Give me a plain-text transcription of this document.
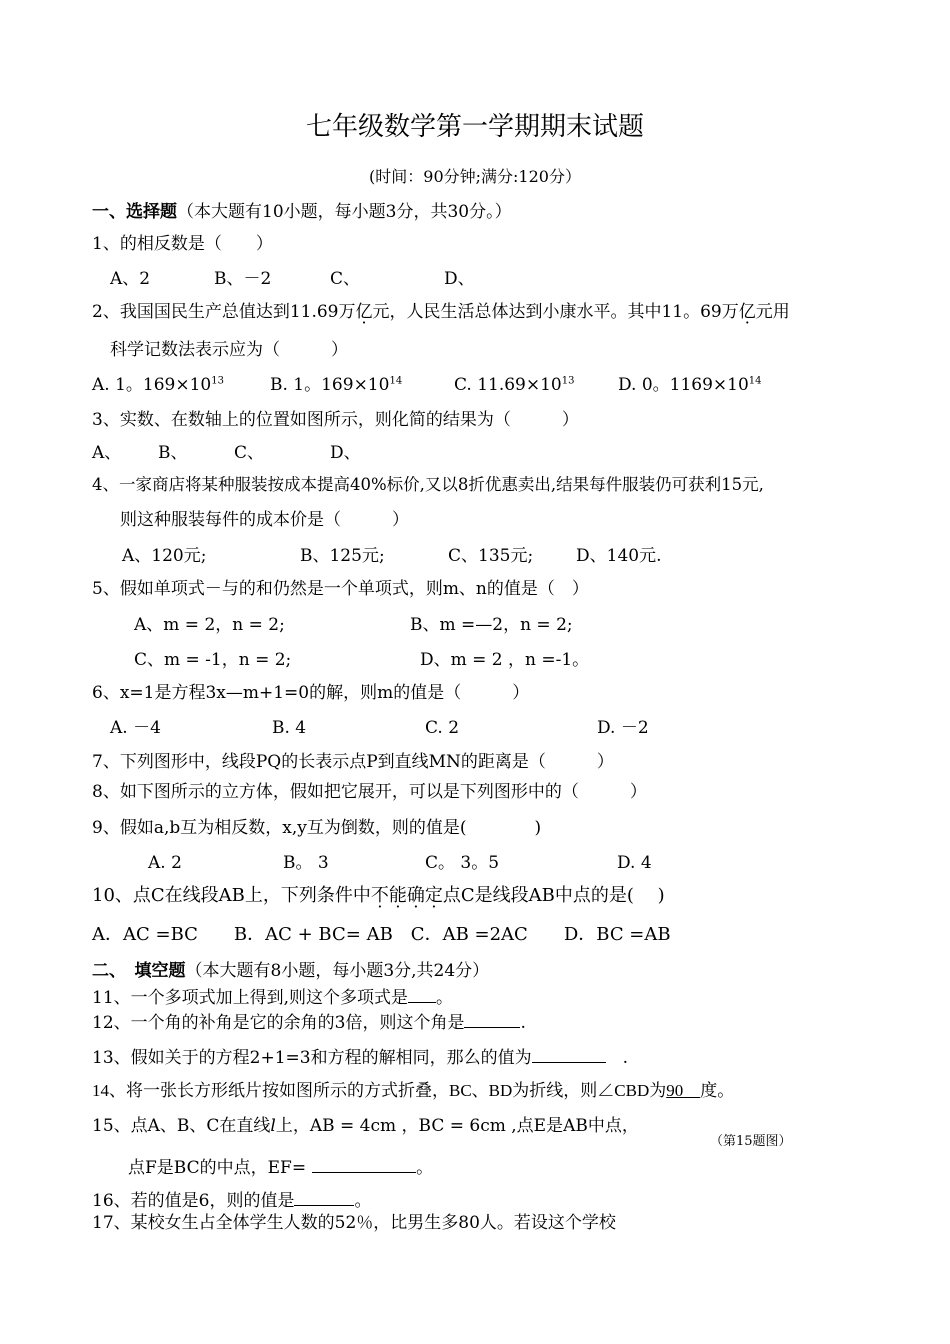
七年级数学第一学期期末试题
(时间：90分钟;满分:120分）
一、选择题（本大题有10小题，每小题3分，共30分。）
1、的相反数是（　　）
A、2	B、－2	C、	D、
2、我国国民生产总值达到11.69万亿元，人民生活总体达到小康水平。其中11。69万亿元用
科学记数法表示应为（　　　）
A. 1。$169\times 10^{13}$	B. 1。$169\times 10^{14}$	C. $11.69\times 10^{13}$	D. 0。$1169\times 10^{14}$
3、实数、在数轴上的位置如图所示，则化简的结果为（　　　）
A、 B、	C、	D、
4、一家商店将某种服装按成本提高40%标价,又以8折优惠卖出,结果每件服装仍可获利15元,
则这种服装每件的成本价是（　　　）
A、120元;	B、125元;	C、135元;	D、140元.
5、假如单项式－与的和仍然是一个单项式，则m、n的值是（　）
A、m = 2，n = 2;	B、m =—2，n = 2;
C、m = -1，n = 2;	D、m = 2 ，n =-1。
6、x=1是方程3x—m+1=0的解，则m的值是（　　　）
A. －4	B. 4	C. 2	D. －2
7、下列图形中，线段PQ的长表示点P到直线MN的距离是（　　　）
8、如下图所示的立方体，假如把它展开，可以是下列图形中的（　　　）
9、假如a,b互为相反数，x,y互为倒数，则的值是(　　　　)
A. 2	B。 3	C。 3。5	D. 4
10、点C在线段AB上，下列条件中不能确定点C是线段AB中点的是(　 )
A．AC =BC　　B．AC + BC= AB　C．AB =2AC　　D．BC =AB
二、　填空题（本大题有8小题，每小题3分,共24分）
11、一个多项式加上得到,则这个多项式是 。
12、一个角的补角是它的余角的3倍，则这个角是	.
13、假如关于的方程2+1=3和方程的解相同，那么的值为	　.
14、将一张长方形纸片按如图所示的方式折叠，BC、BD为折线，则∠CBD为90 度。
15、点A、B、C在直线l上，AB = 4cm ，BC = 6cm ,点E是AB中点，
（第15题图）
点F是BC的中点，EF=	。
16、若的值是6，则的值是	。
17、某校女生占全体学生人数的52％，比男生多80人。若设这个学校
